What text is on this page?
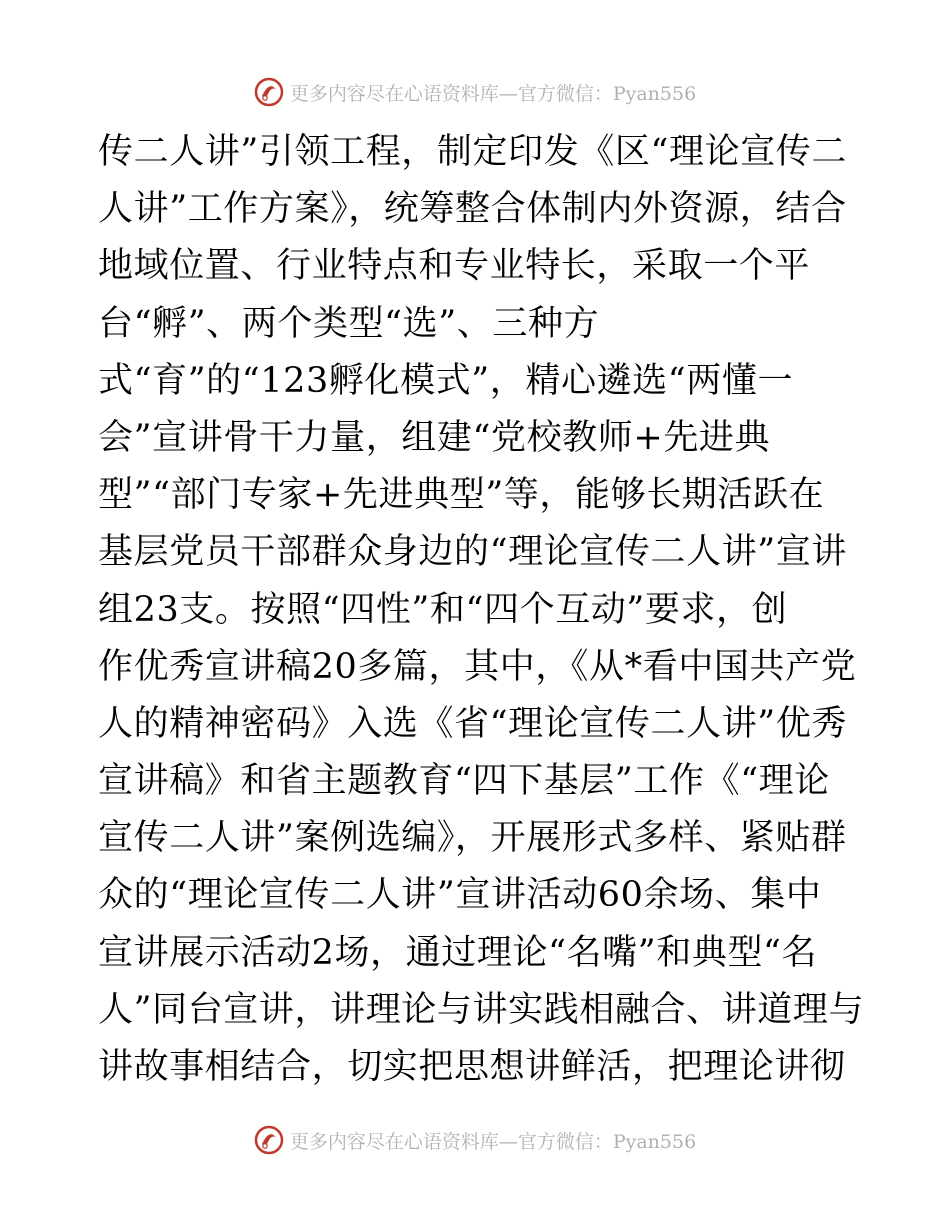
更多内容尽在心语资料库—官方微信：Pyan556
传二人讲”引领工程，制定印发《区“理论宣传二
人讲”工作方案》，统筹整合体制内外资源，结合
地域位置、行业特点和专业特长，采取一个平
台“孵”、两个类型“选”、三种方
式“育”的“123孵化模式”，精心遴选“两懂一
会”宣讲骨干力量，组建“党校教师+先进典
型”“部门专家+先进典型”等，能够长期活跃在
基层党员干部群众身边的“理论宣传二人讲”宣讲
组23支。按照“四性”和“四个互动”要求，创
作优秀宣讲稿20多篇，其中，《从*看中国共产党
人的精神密码》入选《省“理论宣传二人讲”优秀
宣讲稿》和省主题教育“四下基层”工作《“理论
宣传二人讲”案例选编》，开展形式多样、紧贴群
众的“理论宣传二人讲”宣讲活动60余场、集中
宣讲展示活动2场，通过理论“名嘴”和典型“名
人”同台宣讲，讲理论与讲实践相融合、讲道理与
讲故事相结合，切实把思想讲鲜活，把理论讲彻
更多内容尽在心语资料库—官方微信：Pyan556
